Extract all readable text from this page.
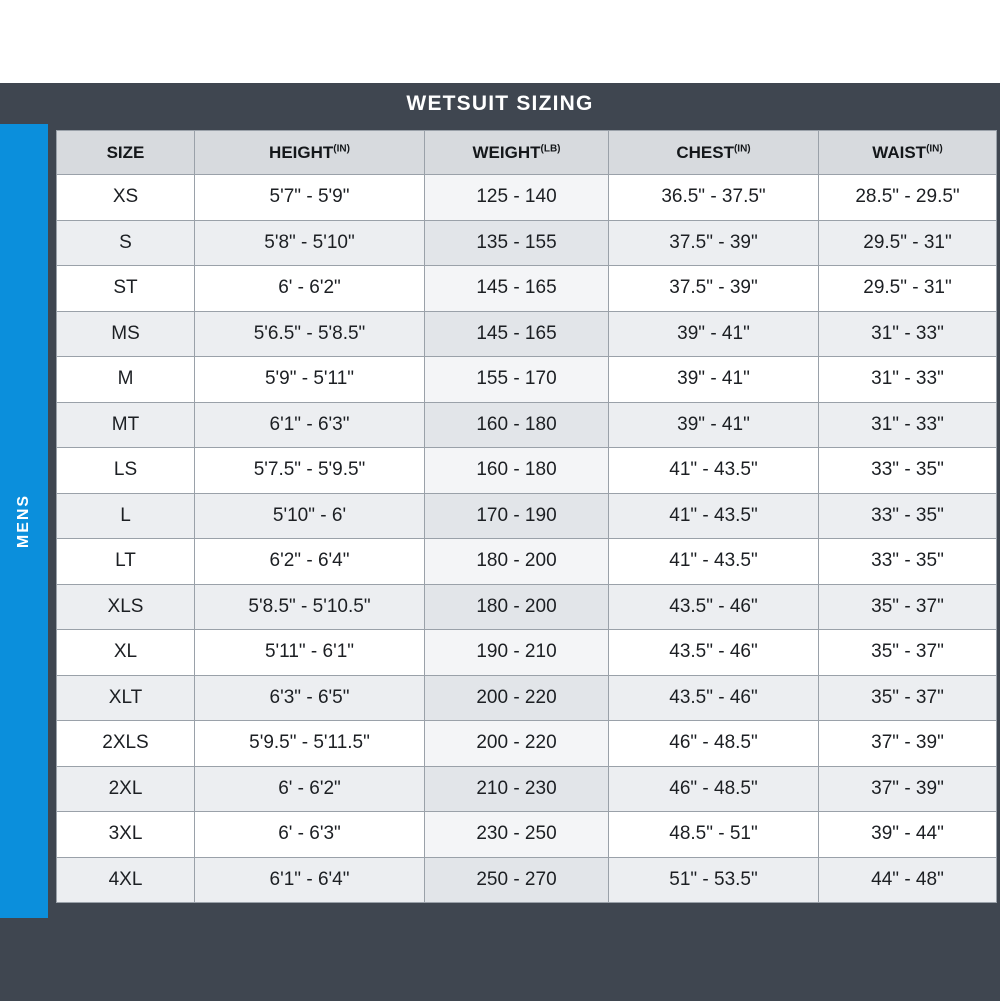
WETSUIT SIZING
MENS
SIZE	$HEIGHT^{(IN)}$	$WEIGHT^{(LB)}$	$CHEST^{(IN)}$	$WAIST^{(IN)}$
XS	5'7" - 5'9"	125 - 140	36.5" - 37.5"	28.5" - 29.5"
S	5'8" - 5'10"	135 - 155	37.5" - 39"	29.5" - 31"
ST	6' - 6'2"	145 - 165	37.5" - 39"	29.5" - 31"
MS	5'6.5" - 5'8.5"	145 - 165	39" - 41"	31" - 33"
M	5'9" - 5'11"	155 - 170	39" - 41"	31" - 33"
MT	6'1" - 6'3"	160 - 180	39" - 41"	31" - 33"
LS	5'7.5" - 5'9.5"	160 - 180	41" - 43.5"	33" - 35"
L	5'10" - 6'	170 - 190	41" - 43.5"	33" - 35"
LT	6'2" - 6'4"	180 - 200	41" - 43.5"	33" - 35"
XLS	5'8.5" - 5'10.5"	180 - 200	43.5" - 46"	35" - 37"
XL	5'11" - 6'1"	190 - 210	43.5" - 46"	35" - 37"
XLT	6'3" - 6'5"	200 - 220	43.5" - 46"	35" - 37"
2XLS	5'9.5" - 5'11.5"	200 - 220	46" - 48.5"	37" - 39"
2XL	6' - 6'2"	210 - 230	46" - 48.5"	37" - 39"
3XL	6' - 6'3"	230 - 250	48.5" - 51"	39" - 44"
4XL	6'1" - 6'4"	250 - 270	51" - 53.5"	44" - 48"
